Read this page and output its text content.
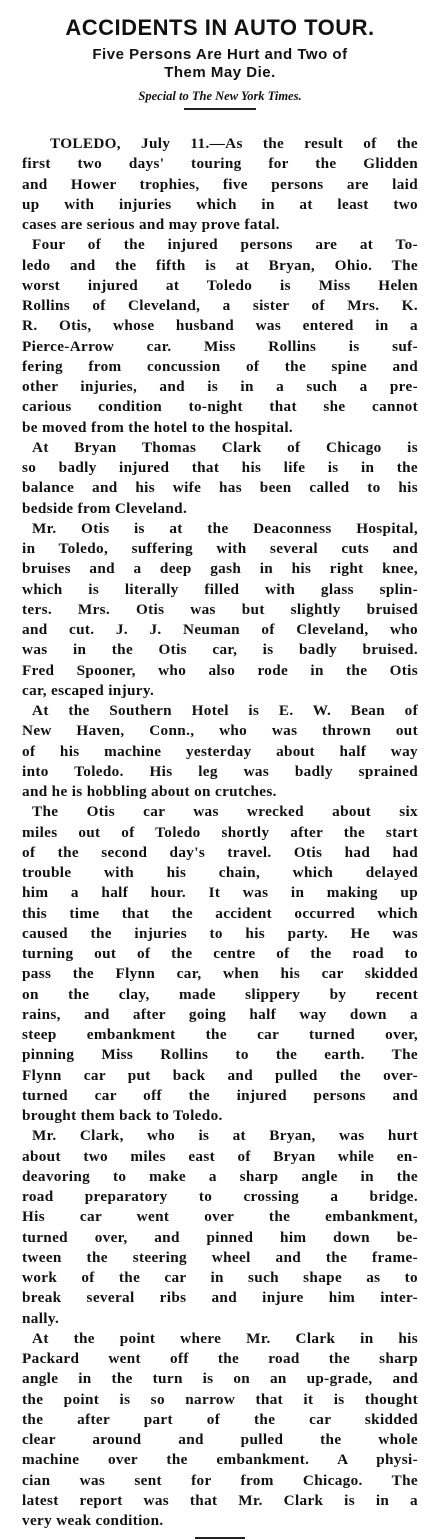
ACCIDENTS IN AUTO TOUR.
Five Persons Are Hurt and Two of
Them May Die.
Special to The New York Times.

TOLEDO, July 11.—As the result of the
first two days' touring for the Glidden
and Hower trophies, five persons are laid
up with injuries which in at least two
cases are serious and may prove fatal.

Four of the injured persons are at To-
ledo and the fifth is at Bryan, Ohio. The
worst injured at Toledo is Miss Helen
Rollins of Cleveland, a sister of Mrs. K.
R. Otis, whose husband was entered in a
Pierce-Arrow car. Miss Rollins is suf-
fering from concussion of the spine and
other injuries, and is in a such a pre-
carious condition to-night that she cannot
be moved from the hotel to the hospital.

At Bryan Thomas Clark of Chicago is
so badly injured that his life is in the
balance and his wife has been called to his
bedside from Cleveland.

Mr. Otis is at the Deaconness Hospital,
in Toledo, suffering with several cuts and
bruises and a deep gash in his right knee,
which is literally filled with glass splin-
ters. Mrs. Otis was but slightly bruised
and cut. J. J. Neuman of Cleveland, who
was in the Otis car, is badly bruised.
Fred Spooner, who also rode in the Otis
car, escaped injury.

At the Southern Hotel is E. W. Bean of
New Haven, Conn., who was thrown out
of his machine yesterday about half way
into Toledo. His leg was badly sprained
and he is hobbling about on crutches.

The Otis car was wrecked about six
miles out of Toledo shortly after the start
of the second day's travel. Otis had had
trouble with his chain, which delayed
him a half hour. It was in making up
this time that the accident occurred which
caused the injuries to his party. He was
turning out of the centre of the road to
pass the Flynn car, when his car skidded
on the clay, made slippery by recent
rains, and after going half way down a
steep embankment the car turned over,
pinning Miss Rollins to the earth. The
Flynn car put back and pulled the over-
turned car off the injured persons and
brought them back to Toledo.

Mr. Clark, who is at Bryan, was hurt
about two miles east of Bryan while en-
deavoring to make a sharp angle in the
road preparatory to crossing a bridge.
His car went over the embankment,
turned over, and pinned him down be-
tween the steering wheel and the frame-
work of the car in such shape as to
break several ribs and injure him inter-
nally.

At the point where Mr. Clark in his
Packard went off the road the sharp
angle in the turn is on an up-grade, and
the point is so narrow that it is thought
the after part of the car skidded
clear around and pulled the whole
machine over the embankment. A physi-
cian was sent for from Chicago. The
latest report was that Mr. Clark is in a
very weak condition.
